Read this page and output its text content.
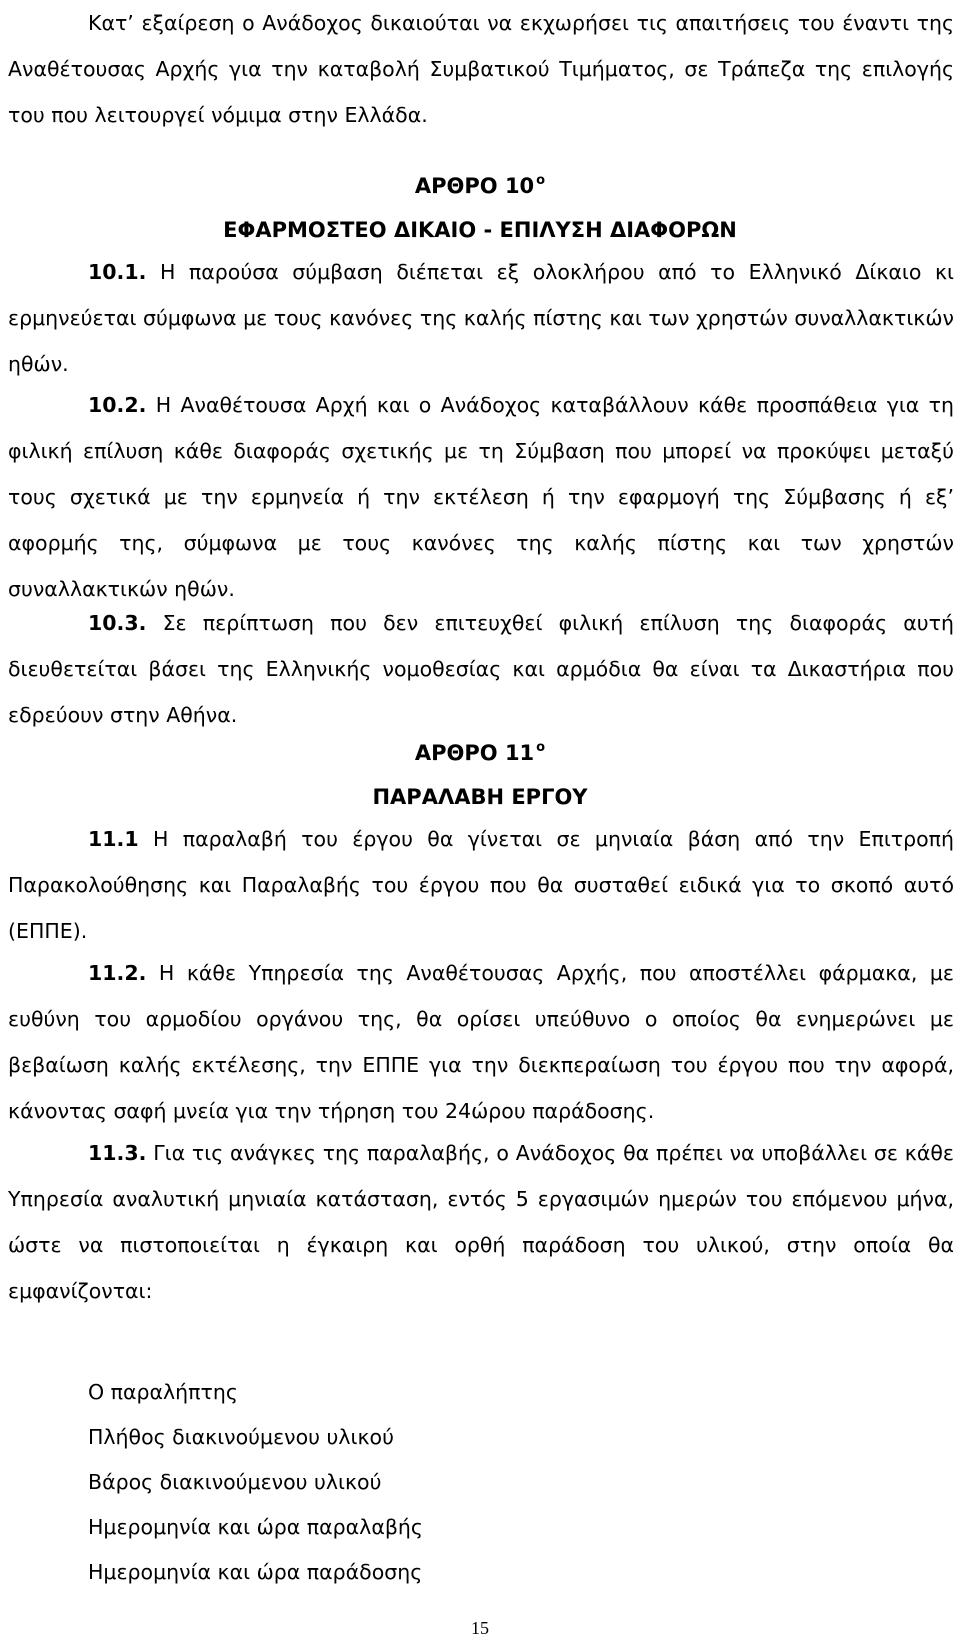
Κατ’ εξαίρεση ο Ανάδοχος δικαιούται να εκχωρήσει τις απαιτήσεις του έναντι της Αναθέτουσας Αρχής για την καταβολή Συμβατικού Τιμήματος, σε Τράπεζα της επιλογής του που λειτουργεί νόμιμα στην Ελλάδα.

ΑΡΘΡΟ 10 $^o$

ΕΦΑΡΜΟΣΤΕΟ ΔΙΚΑΙΟ - ΕΠΙΛΥΣΗ ΔΙΑΦΟΡΩΝ

10.1. Η παρούσα σύμβαση διέπεται εξ ολοκλήρου από το Ελληνικό Δίκαιο κι ερμηνεύεται σύμφωνα με τους κανόνες της καλής πίστης και των χρηστών συναλλακτικών ηθών.

10.2. Η Αναθέτουσα Αρχή και ο Ανάδοχος καταβάλλουν κάθε προσπάθεια για τη φιλική επίλυση κάθε διαφοράς σχετικής με τη Σύμβαση που μπορεί να προκύψει μεταξύ τους σχετικά με την ερμηνεία ή την εκτέλεση ή την εφαρμογή της Σύμβασης ή εξ’ αφορμής της, σύμφωνα με τους κανόνες της καλής πίστης και των χρηστών συναλλακτικών ηθών.

10.3. Σε περίπτωση που δεν επιτευχθεί φιλική επίλυση της διαφοράς αυτή διευθετείται βάσει της Ελληνικής νομοθεσίας και αρμόδια θα είναι τα Δικαστήρια που εδρεύουν στην Αθήνα.

ΑΡΘΡΟ 11 $^o$

ΠΑΡΑΛΑΒΗ ΕΡΓΟΥ

11.1 Η παραλαβή του έργου θα γίνεται σε μηνιαία βάση από την Επιτροπή Παρακολούθησης και Παραλαβής του έργου που θα συσταθεί ειδικά για το σκοπό αυτό (ΕΠΠΕ).

11.2. Η κάθε Υπηρεσία της Αναθέτουσας Αρχής, που αποστέλλει φάρμακα, με ευθύνη του αρμοδίου οργάνου της, θα ορίσει υπεύθυνο ο οποίος θα ενημερώνει με βεβαίωση καλής εκτέλεσης, την ΕΠΠΕ για την διεκπεραίωση του έργου που την αφορά, κάνοντας σαφή μνεία για την τήρηση του 24ώρου παράδοσης.

11.3. Για τις ανάγκες της παραλαβής, ο Ανάδοχος θα πρέπει να υποβάλλει σε κάθε Υπηρεσία αναλυτική μηνιαία κατάσταση, εντός 5 εργασιμών ημερών του επόμενου μήνα, ώστε να πιστοποιείται η έγκαιρη και ορθή παράδοση του υλικού, στην οποία θα εμφανίζονται:

Ο παραλήπτης
Πλήθος διακινούμενου υλικού
Βάρος διακινούμενου υλικού
Ημερομηνία και ώρα παραλαβής
Ημερομηνία και ώρα παράδοσης
15
